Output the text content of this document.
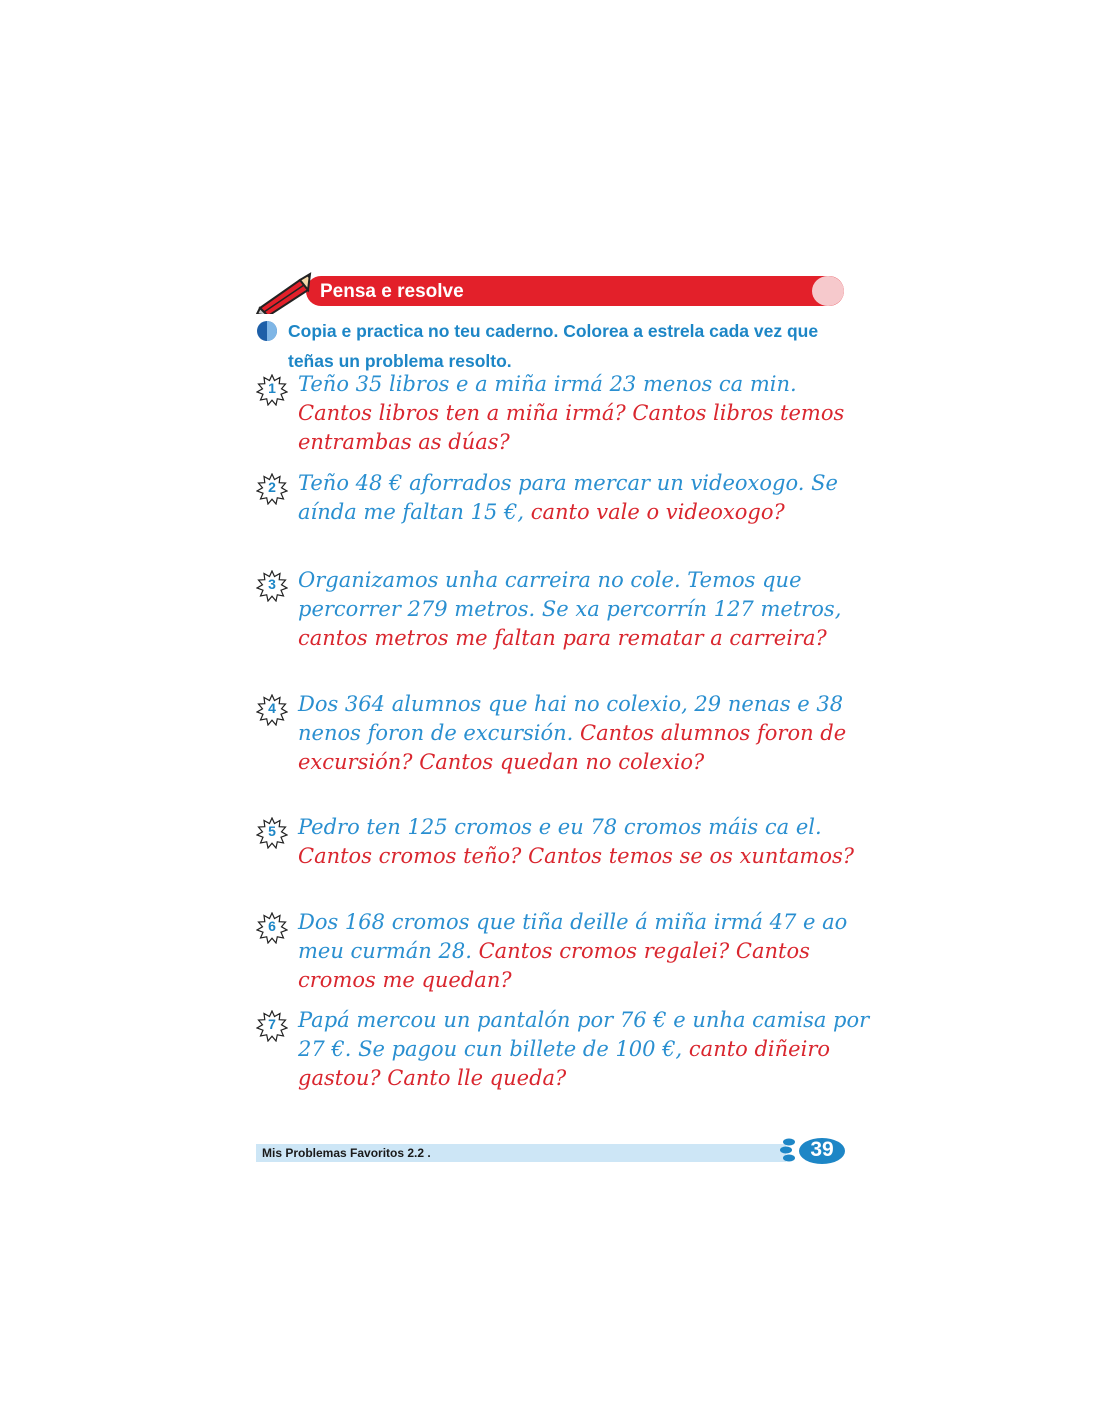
Pensa e resolve
Copia e practica no teu caderno. Colorea a estrela cada vez que teñas un problema resolto.
1	Teño 35 libros e a miña irmá 23 menos ca min. Cantos libros ten a miña irmá? Cantos libros temos entrambas as dúas?
2	Teño 48 € aforrados para mercar un videoxogo. Se aínda me faltan 15 €, canto vale o videoxogo?
3	Organizamos unha carreira no cole. Temos que percorrer 279 metros. Se xa percorrín 127 metros, cantos metros me faltan para rematar a carreira?
4	Dos 364 alumnos que hai no colexio, 29 nenas e 38 nenos foron de excursión. Cantos alumnos foron de excursión? Cantos quedan no colexio?
5	Pedro ten 125 cromos e eu 78 cromos máis ca el. Cantos cromos teño? Cantos temos se os xuntamos?
6	Dos 168 cromos que tiña deille á miña irmá 47 e ao meu curmán 28. Cantos cromos regalei? Cantos cromos me quedan?
7	Papá mercou un pantalón por 76 € e unha camisa por 27 €. Se pagou cun billete de 100 €, canto diñeiro gastou? Canto lle queda?
Mis Problemas Favoritos 2.2 .	39
